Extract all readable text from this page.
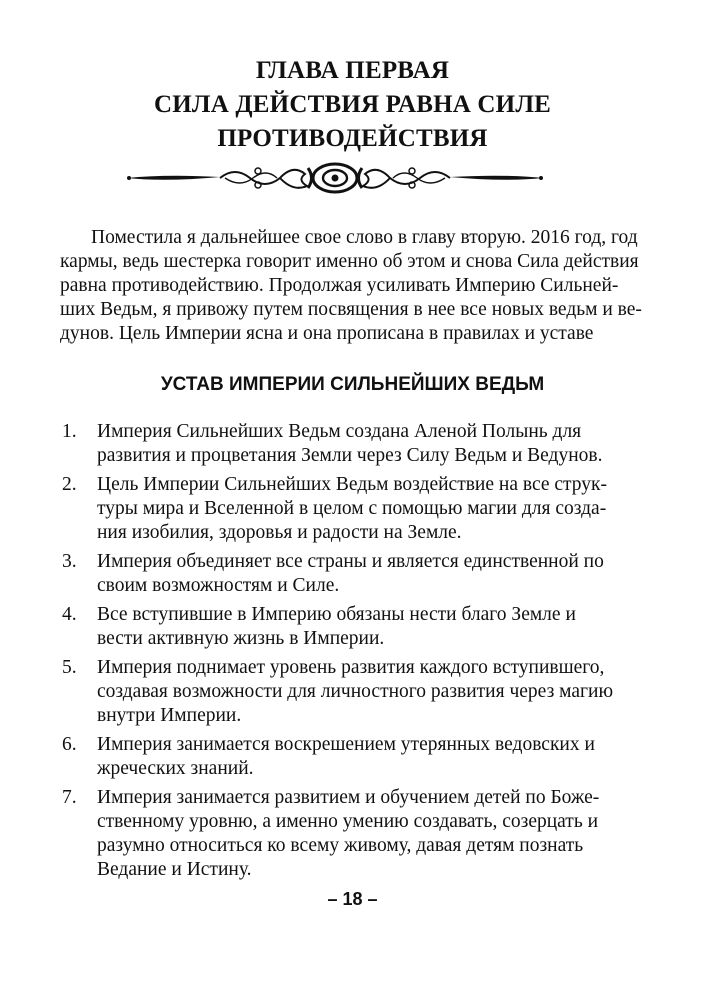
ГЛАВА ПЕРВАЯ
СИЛА ДЕЙСТВИЯ РАВНА СИЛЕ
ПРОТИВОДЕЙСТВИЯ
Поместила я дальнейшее свое слово в главу вторую. 2016 год, год
кармы, ведь шестерка говорит именно об этом и снова Сила действия
равна противодействию. Продолжая усиливать Империю Сильней-
ших Ведьм, я привожу путем посвящения в нее все новых ведьм и ве-
дунов. Цель Империи ясна и она прописана в правилах и уставе
УСТАВ ИМПЕРИИ СИЛЬНЕЙШИХ ВЕДЬМ
1. Империя Сильнейших Ведьм создана Аленой Полынь для
развития и процветания Земли через Силу Ведьм и Ведунов.
2. Цель Империи Сильнейших Ведьм воздействие на все струк-
туры мира и Вселенной в целом с помощью магии для созда-
ния изобилия, здоровья и радости на Земле.
3. Империя объединяет все страны и является единственной по
своим возможностям и Силе.
4. Все вступившие в Империю обязаны нести благо Земле и
вести активную жизнь в Империи.
5. Империя поднимает уровень развития каждого вступившего,
создавая возможности для личностного развития через магию
внутри Империи.
6. Империя занимается воскрешением утерянных ведовских и
жреческих знаний.
7. Империя занимается развитием и обучением детей по Боже-
ственному уровню, а именно умению создавать, созерцать и
разумно относиться ко всему живому, давая детям познать
Ведание и Истину.
– 18 –
